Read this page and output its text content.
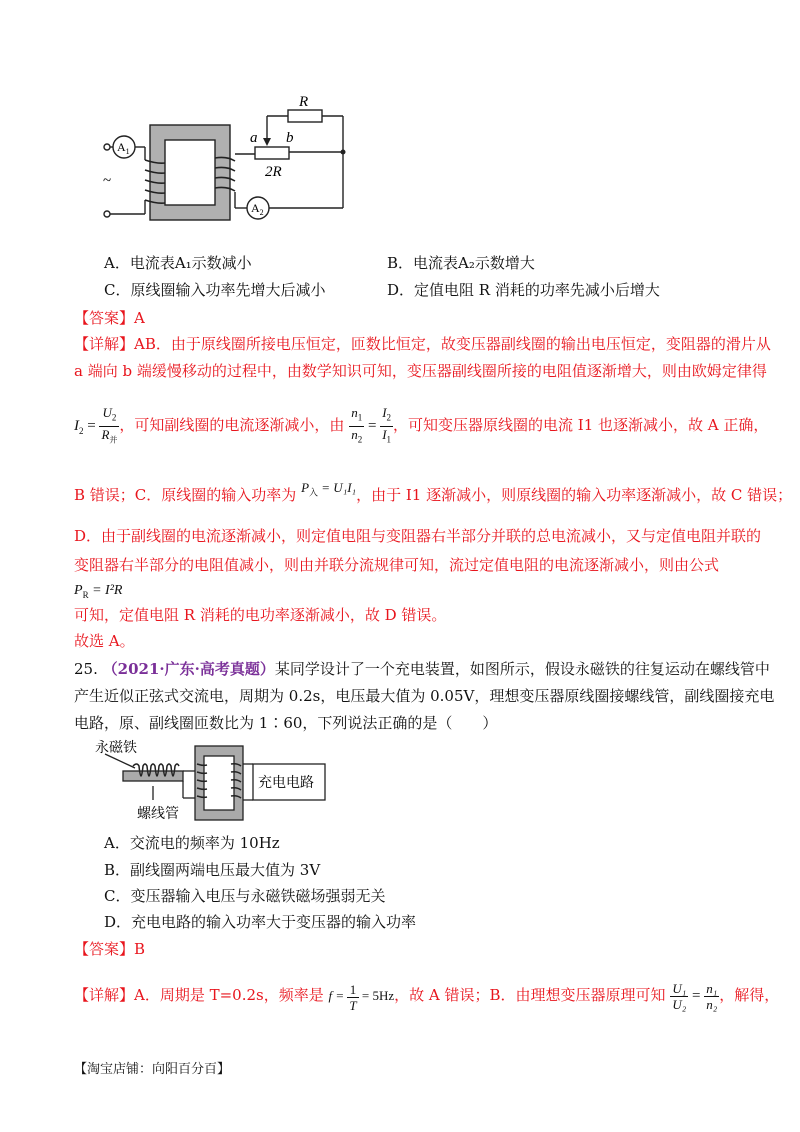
R
a b
2R
~
$A_1$
$A_2$
A．电流表A₁示数减小	B．电流表A₂示数增大
C．原线圈输入功率先增大后减小	D．定值电阻 R 消耗的功率先减小后增大
【答案】A
【详解】AB．由于原线圈所接电压恒定，匝数比恒定，故变压器副线圈的输出电压恒定，变阻器的滑片从
a 端向 b 端缓慢移动的过程中，由数学知识可知，变压器副线圈所接的电阻值逐渐增大，则由欧姆定律得
$I_2 = \frac{U_2}{R_并}$ ，可知副线圈的电流逐渐减小，由 $\frac{n_1}{n_2} = \frac{I_2}{I_1}$ ，可知变压器原线圈的电流 I1 也逐渐减小，故 A 正确，
B 错误；C．原线圈的输入功率为 $P_入 = U_1I_1$，由于 I1 逐渐减小，则原线圈的输入功率逐渐减小，故 C 错误；
D．由于副线圈的电流逐渐减小，则定值电阻与变阻器右半部分并联的总电流减小，又与定值电阻并联的
变阻器右半部分的电阻值减小，则由并联分流规律可知，流过定值电阻的电流逐渐减小，则由公式
$P_R = I^2R$
可知，定值电阻 R 消耗的电功率逐渐减小，故 D 错误。
故选 A。
25. （2021·广东·高考真题）某同学设计了一个充电装置，如图所示，假设永磁铁的往复运动在螺线管中
产生近似正弦式交流电，周期为 0.2s，电压最大值为 0.05V，理想变压器原线圈接螺线管，副线圈接充电
电路，原、副线圈匝数比为 1∶60，下列说法正确的是（　　）
永磁铁
螺线管
充电电路
A．交流电的频率为 10Hz
B．副线圈两端电压最大值为 3V
C．变压器输入电压与永磁铁磁场强弱无关
D．充电电路的输入功率大于变压器的输入功率
【答案】B
【详解】A．周期是 T=0.2s，频率是 $f = \frac{1}{T} = 5Hz$，故 A 错误；B．由理想变压器原理可知 $\frac{\text{U₁}}{\text{U₂}} = \frac{\text{n₁}}{\text{n₂}}$ ，解得，
【淘宝店铺：向阳百分百】
